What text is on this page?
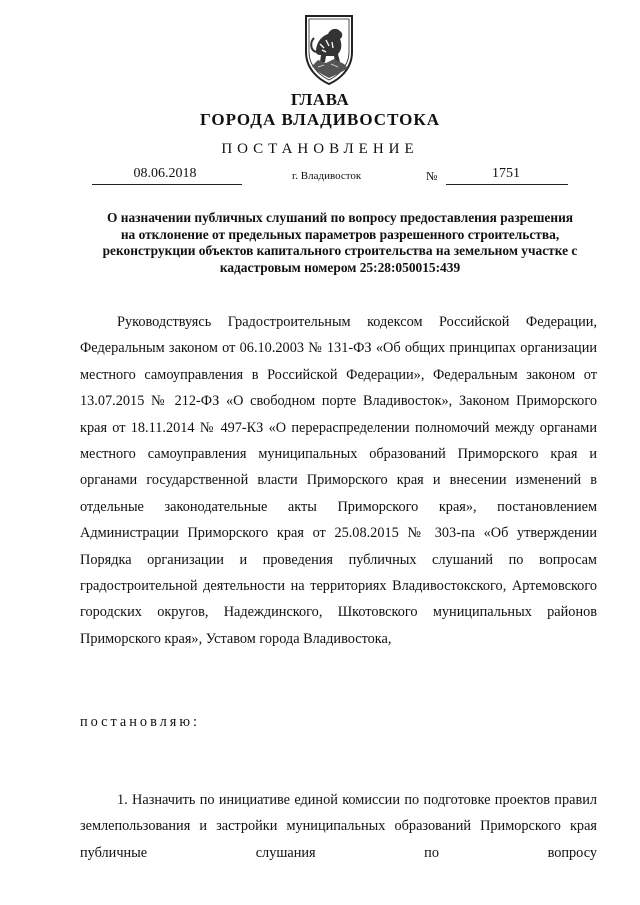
ГЛАВА
ГОРОДА ВЛАДИВОСТОКА
ПОСТАНОВЛЕНИЕ
08.06.2018	г. Владивосток	№	1751
О назначении публичных слушаний по вопросу предоставления разрешения на отклонение от предельных параметров разрешенного строительства, реконструкции объектов капитального строительства на земельном участке с кадастровым номером 25:28:050015:439
Руководствуясь Градостроительным кодексом Российской Федерации, Федеральным законом от 06.10.2003 № 131-ФЗ «Об общих принципах организации местного самоуправления в Российской Федерации», Федеральным законом от 13.07.2015 № 212-ФЗ «О свободном порте Владивосток», Законом Приморского края от 18.11.2014 № 497-КЗ «О перераспределении полномочий между органами местного самоуправления муниципальных образований Приморского края и органами государственной власти Приморского края и внесении изменений в отдельные законодательные акты Приморского края», постановлением Администрации Приморского края от 25.08.2015 № 303-па «Об утверждении Порядка организации и проведения публичных слушаний по вопросам градостроительной деятельности на территориях Владивостокского, Артемовского городских округов, Надеждинского, Шкотовского муниципальных районов Приморского края», Уставом города Владивостока,
постановляю:
1. Назначить по инициативе единой комиссии по подготовке проектов правил землепользования и застройки муниципальных образований Приморского края публичные слушания по вопросу
